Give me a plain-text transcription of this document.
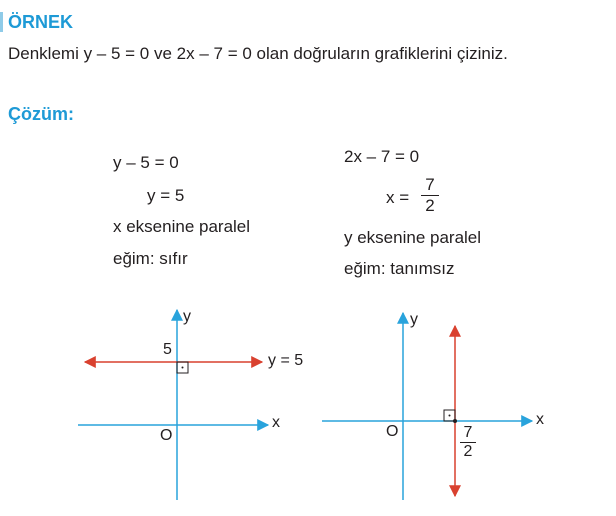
ÖRNEK
Denklemi y – 5 = 0 ve 2x – 7 = 0 olan doğruların grafiklerini çiziniz.
Çözüm:
y – 5 = 0
y = 5
x eksenine paralel
eğim: sıfır
2x – 7 = 0
$x = \frac{7}{2}$
y eksenine paralel
eğim: tanımsız
y
x
O
5
y = 5
y
x
O	$\frac{7}{2}$
